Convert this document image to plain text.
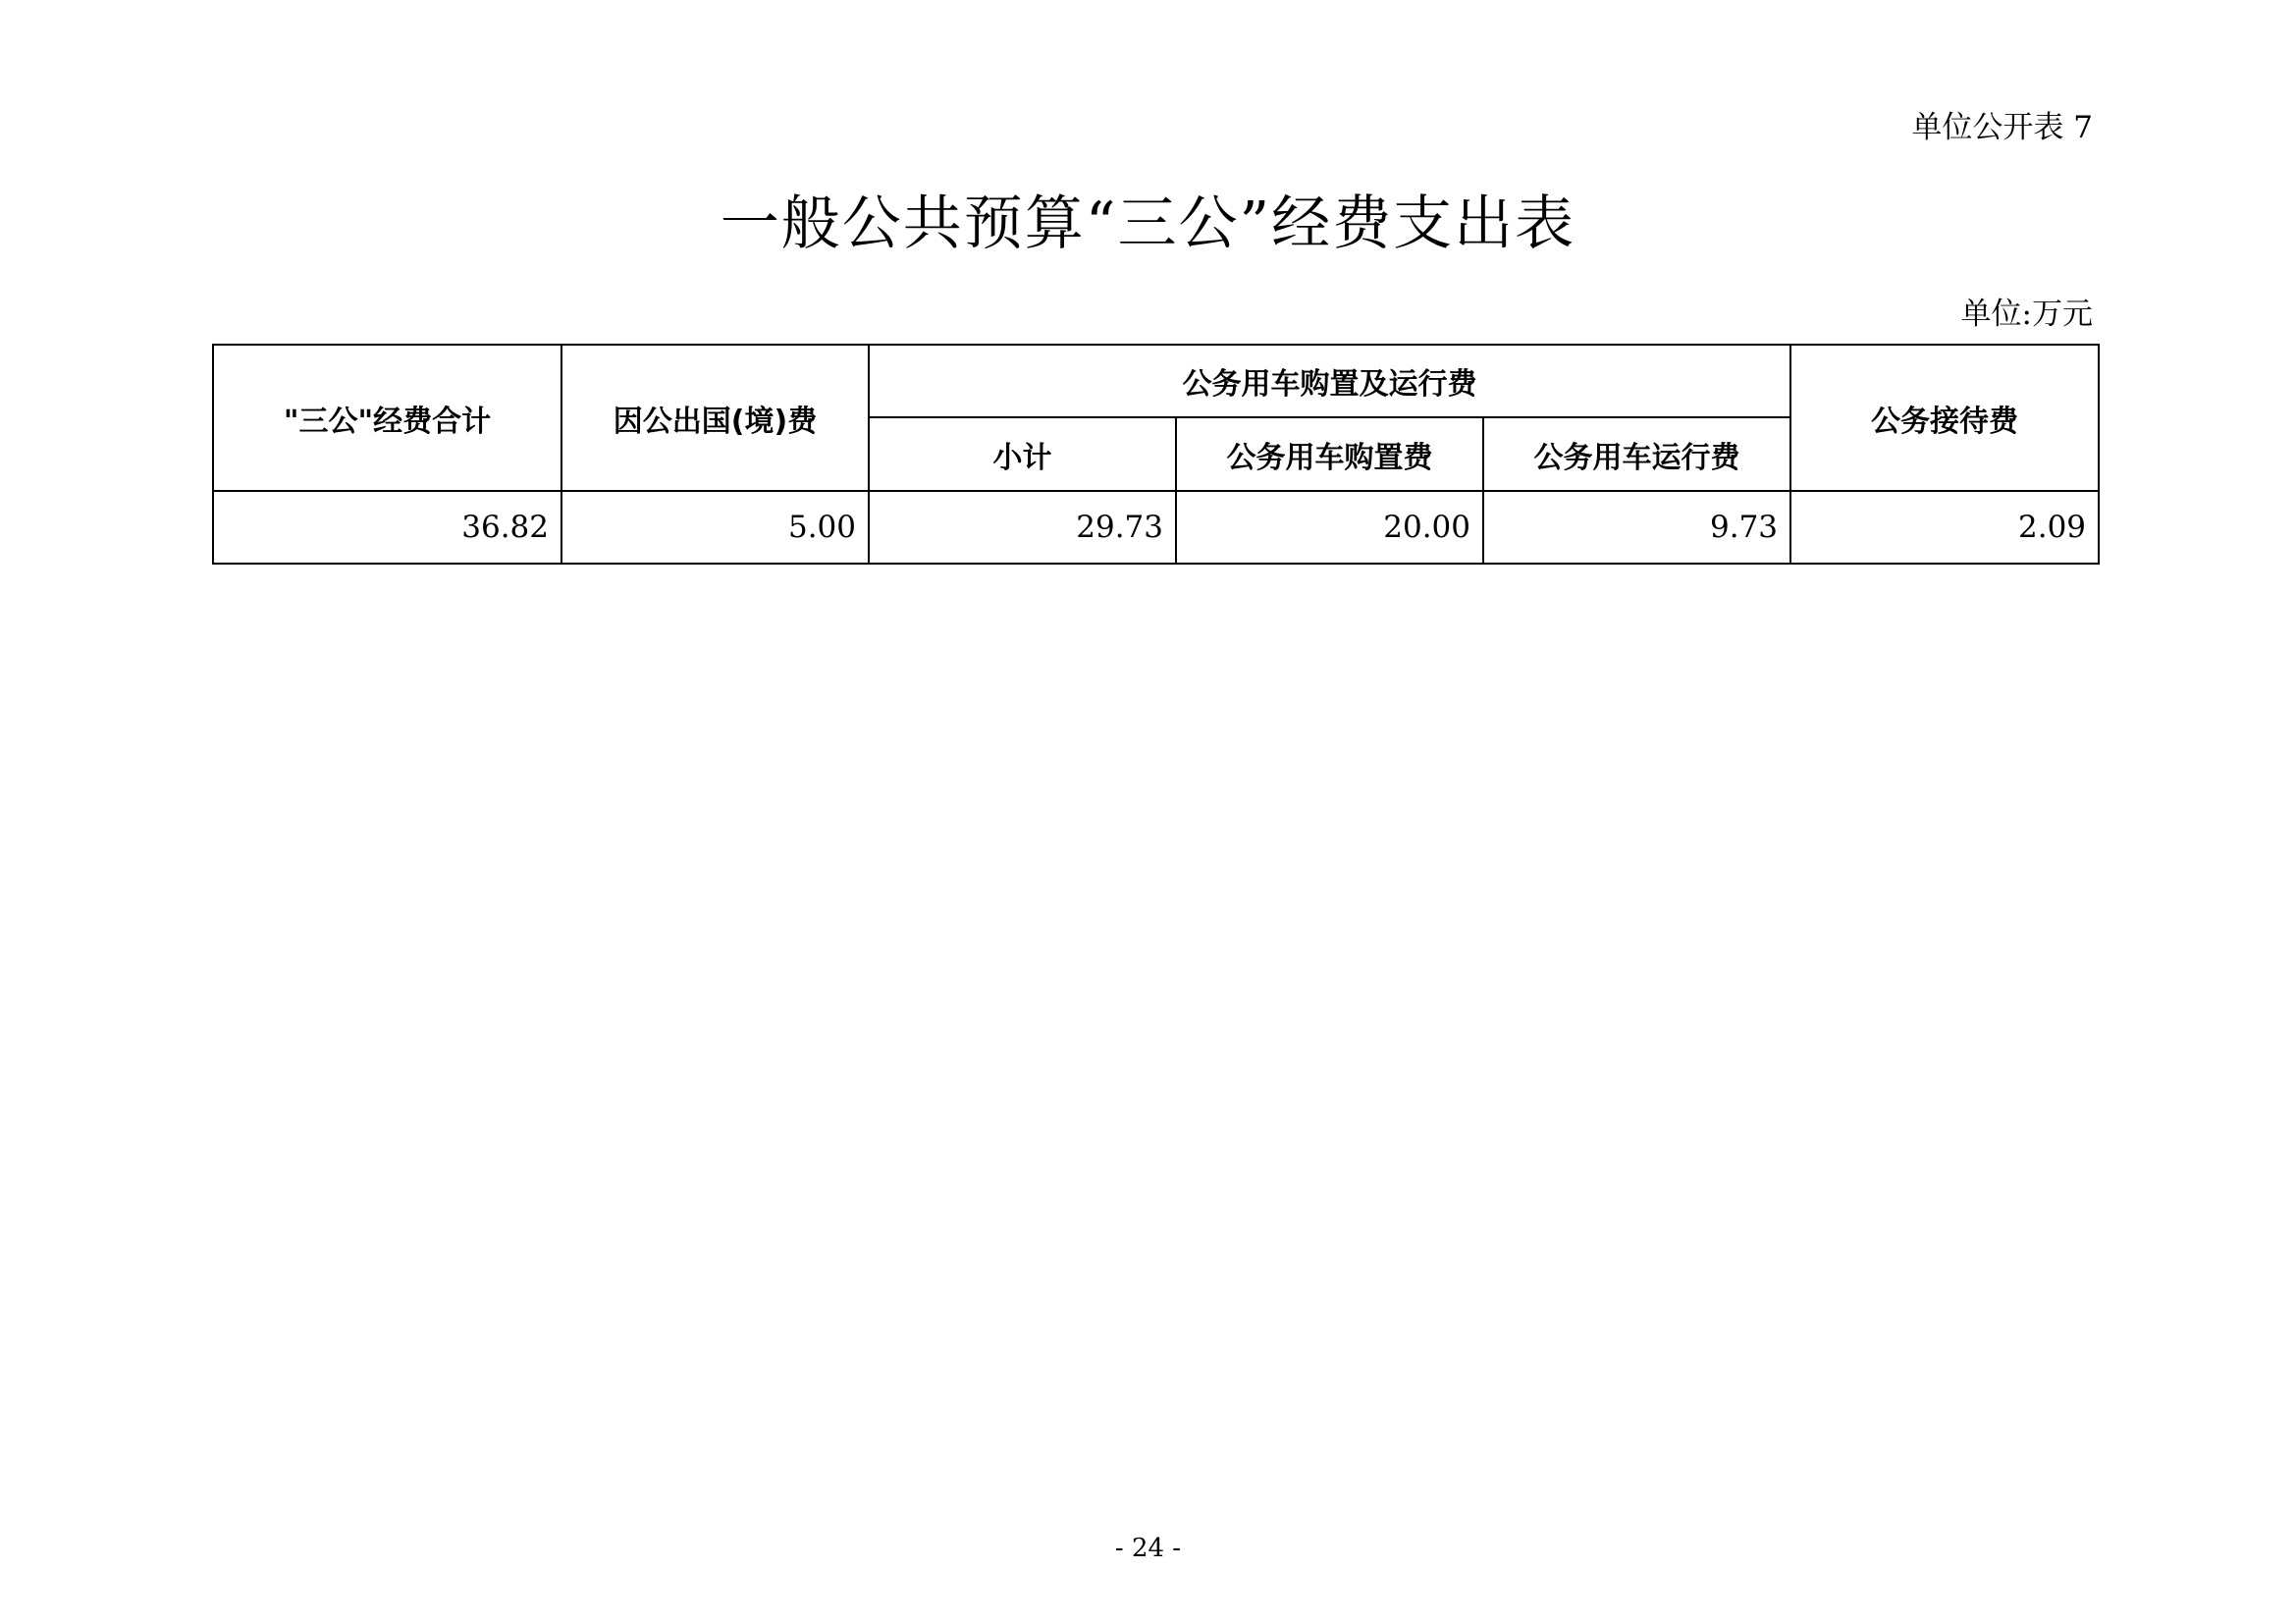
单位公开表 7
一般公共预算“三公”经费支出表
单位:万元
"三公"经费合计	因公出国(境)费	公务用车购置及运行费			公务接待费
		小计	公务用车购置费	公务用车运行费	
36.82	5.00	29.73	20.00	9.73	2.09
- 24 -
